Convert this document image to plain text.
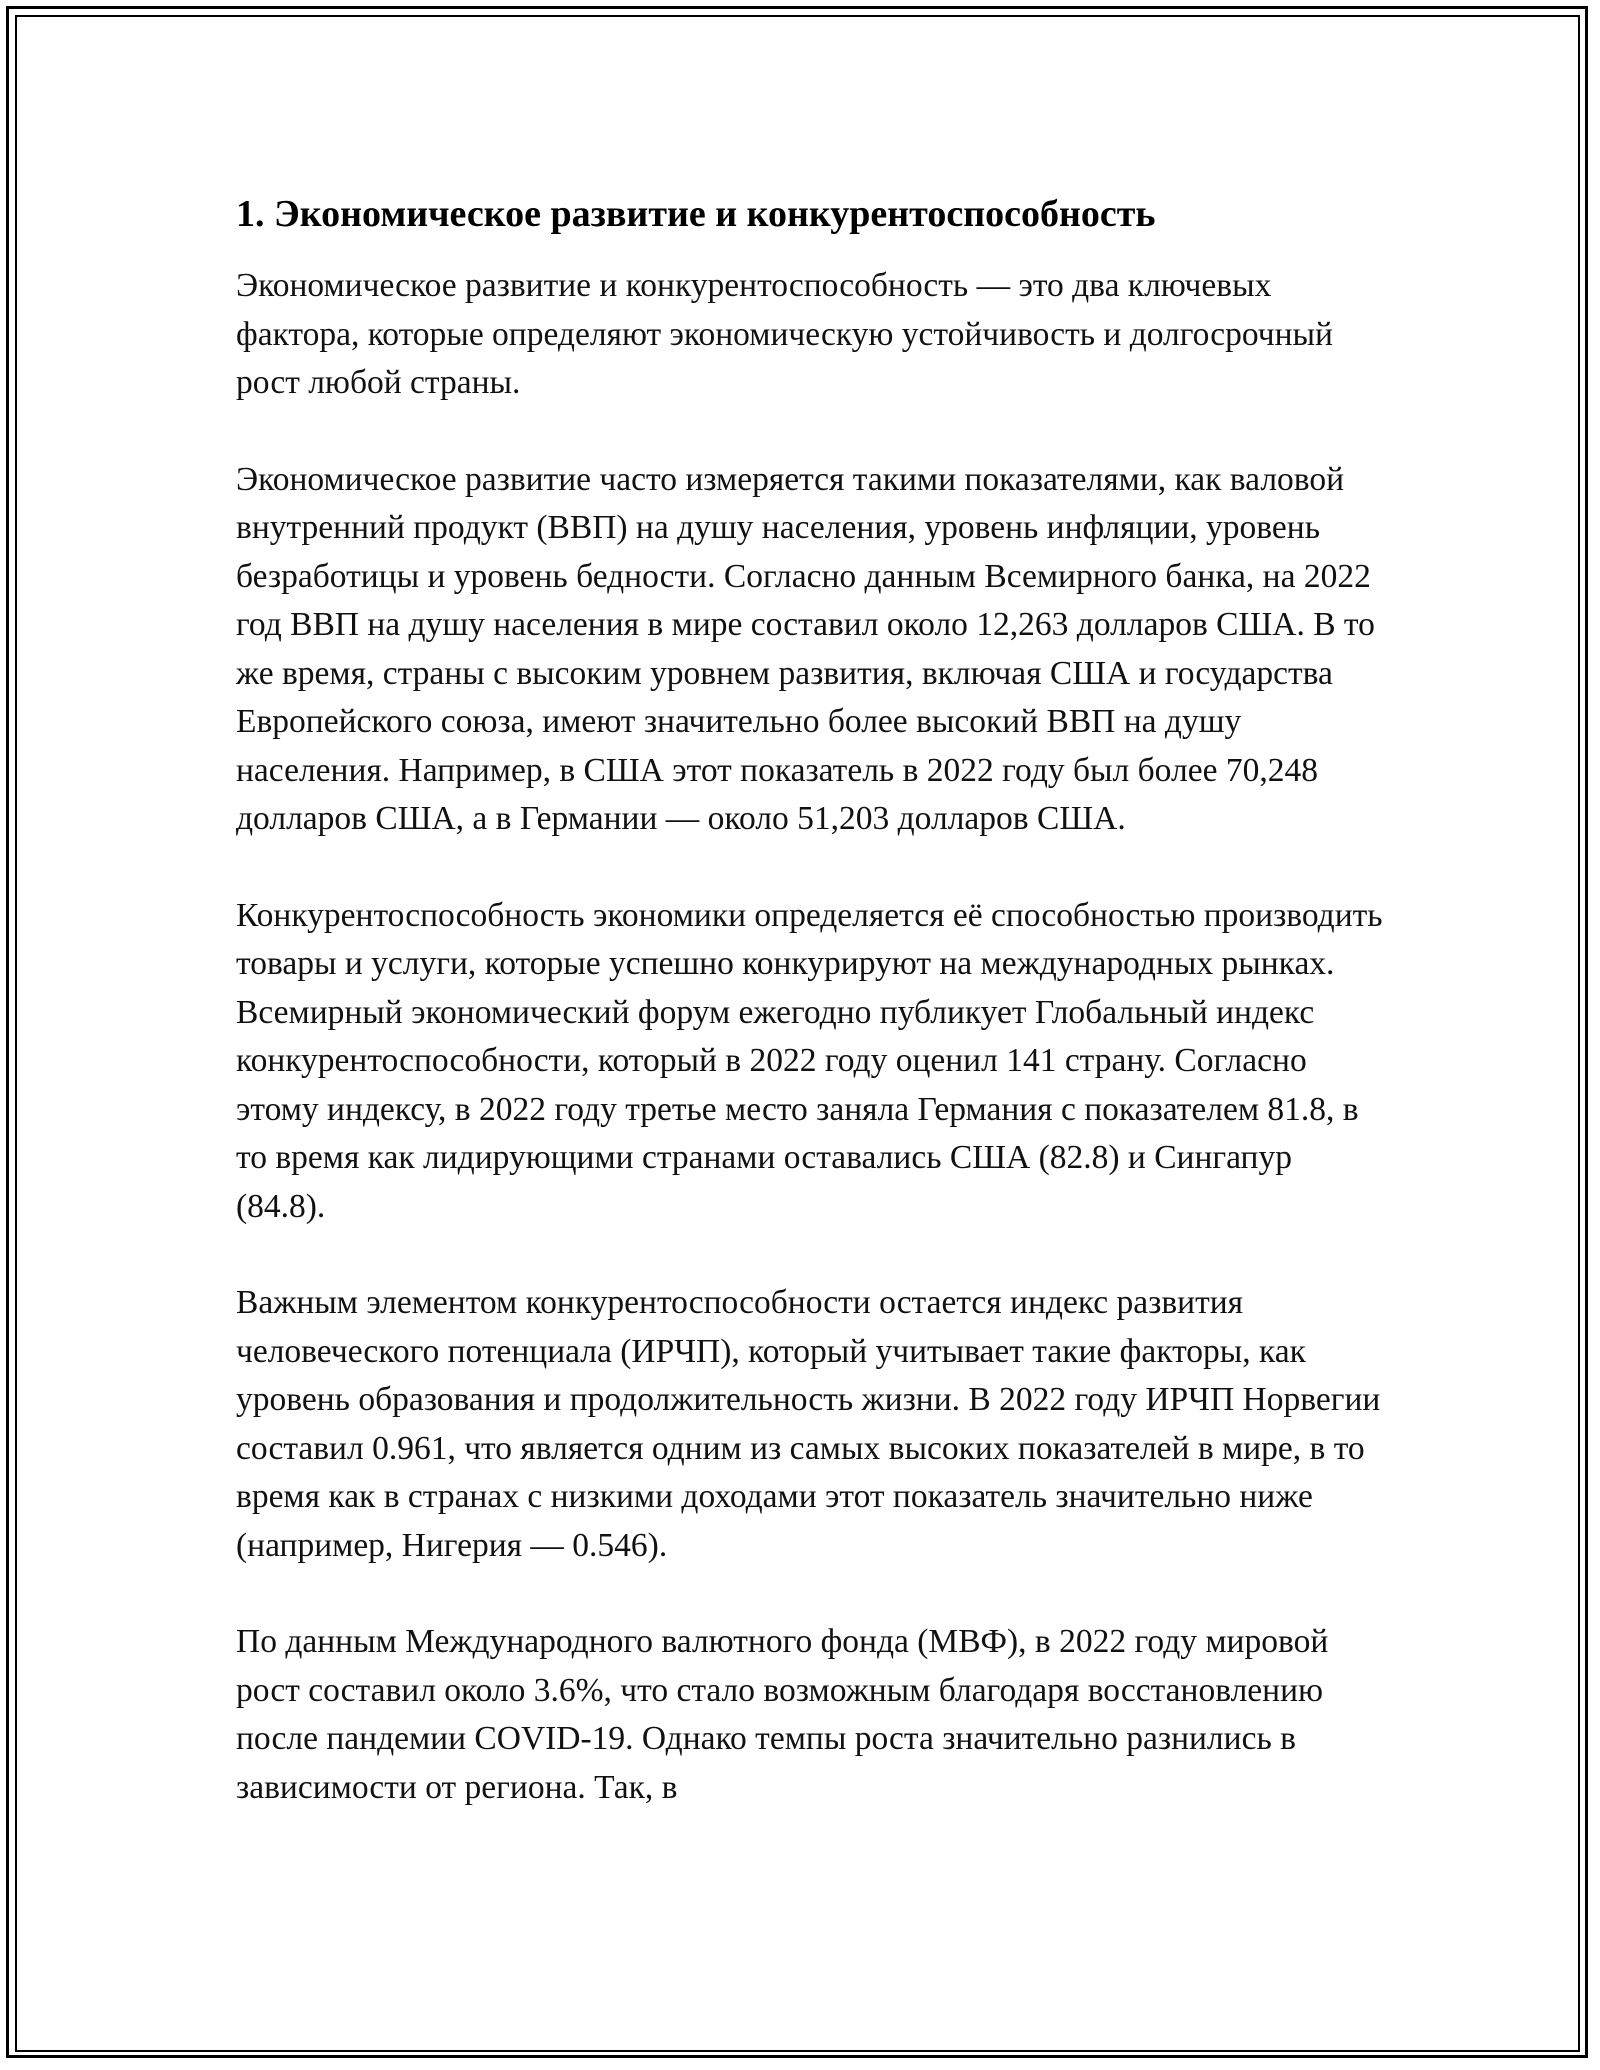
1. Экономическое развитие и конкурентоспособность

Экономическое развитие и конкурентоспособность — это два ключевых фактора, которые определяют экономическую устойчивость и долгосрочный рост любой страны.

Экономическое развитие часто измеряется такими показателями, как валовой внутренний продукт (ВВП) на душу населения, уровень инфляции, уровень безработицы и уровень бедности. Согласно данным Всемирного банка, на 2022 год ВВП на душу населения в мире составил около 12,263 долларов США. В то же время, страны с высоким уровнем развития, включая США и государства Европейского союза, имеют значительно более высокий ВВП на душу населения. Например, в США этот показатель в 2022 году был более 70,248 долларов США, а в Германии — около 51,203 долларов США.

Конкурентоспособность экономики определяется её способностью производить товары и услуги, которые успешно конкурируют на международных рынках. Всемирный экономический форум ежегодно публикует Глобальный индекс конкурентоспособности, который в 2022 году оценил 141 страну. Согласно этому индексу, в 2022 году третье место заняла Германия с показателем 81.8, в то время как лидирующими странами оставались США (82.8) и Сингапур (84.8).

Важным элементом конкурентоспособности остается индекс развития человеческого потенциала (ИРЧП), который учитывает такие факторы, как уровень образования и продолжительность жизни. В 2022 году ИРЧП Норвегии составил 0.961, что является одним из самых высоких показателей в мире, в то время как в странах с низкими доходами этот показатель значительно ниже (например, Нигерия — 0.546).

По данным Международного валютного фонда (МВФ), в 2022 году мировой рост составил около 3.6%, что стало возможным благодаря восстановлению после пандемии COVID-19. Однако темпы роста значительно разнились в зависимости от региона. Так, в
